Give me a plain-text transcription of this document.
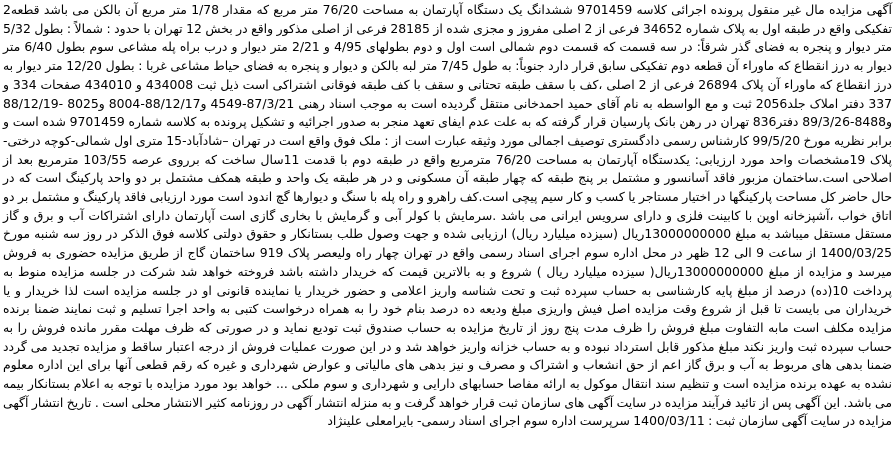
آگهی مزایده مال غیر منقول پرونده اجرائی کلاسه 9701459 ششدانگ یک دستگاه آپارتمان به مساحت 76/20 متر مربع که مقدار 1/78 متر مربع آن بالکن می باشد قطعه2 تفکیکی واقع در طبقه اول به پلاک شماره 34652 فرعی از 2 اصلی مفروز و مجزی شده از 28185 فرعی از اصلی مذکور واقع در بخش 12 تهران با حدود : شمالاً : بطول 5/32 متر دیوار و پنجره به فضای گذر شرقاً: در سه قسمت که قسمت دوم شمالی است اول و دوم بطولهای 4/95 و 2/21 متر دیوار و درب براه پله مشاعی سوم بطول 6/40 متر دیوار به درز انقطاع که ماوراء آن قطعه دوم تفکیکی سابق قرار دارد جنوباً: به طول 7/45 متر لبه بالکن و دیوار و پنجره به فضای حیاط مشاعی غربا : بطول 12/20 متر دیوار به درز انقطاع که ماوراء آن پلاک 26894 فرعی از 2 اصلی ،کف با سقف طبقه تحتانی و سقف با کف طبقه فوقانی اشتراکی است ذیل ثبت 434008 و 434010 صفحات 334 و 337 دفتر املاک جلد2056 ثبت و مع الواسطه به نام آقای حمید احمدخانی منتقل گردیده است به موجب اسناد رهنی 87/3/21-4549 و88/12/17-8004 و8025 -88/12/19 و8488-89/3/26 دفتر836 تهران در رهن بانک پارسیان قرار گرفته که به علت عدم ایفای تعهد منجر به صدور اجرائیه و تشکیل پرونده به کلاسه شماره 9701459 شده است و برابر نظریه مورخ 99/5/20 کارشناس رسمی دادگستری توصیف اجمالی مورد وثیقه عبارت است از : ملک فوق واقع است در تهران –شادآباد-15 متری اول شمالی-کوچه درختی-پلاک 19مشخصات واحد مورد ارزیابی: یکدستگاه آپارتمان به مساحت 76/20 مترمربع واقع در طبقه دوم با قدمت 11سال ساخت که برروی عرصه 103/55 مترمربع بعد از اصلاحی است.ساختمان مزبور فاقد آسانسور و مشتمل بر پنج طبقه که چهار طبقه آن مسکونی و در هر طبقه یک واحد و طبقه همکف مشتمل بر دو واحد پارکینگ است که در حال حاضر کل مساحت پارکینگها در اختیار مستاجر یا کسب و کار سیم پیچی است.کف راهرو و راه پله با سنگ و دیوارها گچ اندود است مورد ارزیابی فاقد پارکینگ و مشتمل بر دو اتاق خواب ،آشپزخانه اوپن با کابینت فلزی و دارای سرویس ایرانی می باشد .سرمایش با کولر آبی و گرمایش با بخاری گازی است آپارتمان دارای اشتراکات آب و برق و گاز مستقل مستقل میباشد به مبلغ 13000000000ریال (سیزده میلیارد ریال) ارزیابی شده و جهت وصول طلب بستانکار و حقوق دولتی کلاسه فوق الذکر در روز سه شنبه مورخ 1400/03/25 از ساعت 9 الی 12 ظهر در محل اداره سوم اجرای اسناد رسمی واقع در تهران چهار راه ولیعصر پلاک 919 ساختمان گاج از طریق مزایده حضوری به فروش میرسد و مزایده از مبلغ 13000000000ریال( سیزده میلیارد ریال ) شروع و به بالاترین قیمت که خریدار داشته باشد فروخته خواهد شد شرکت در جلسه مزایده منوط به پرداخت 10(ده) درصد از مبلغ پایه کارشناسی به حساب سپرده ثبت و تحت شناسه واریز اعلامی و حضور خریدار یا نماینده قانونی او در جلسه مزایده است لذا خریدار و یا خریداران می بایست تا قبل از شروع وقت مزایده اصل فیش واریزی مبلغ ودیعه ده درصد بنام خود را به همراه درخواست کتبی به واحد اجرا تسلیم و ثبت نمایند ضمنا برنده مزایده مکلف است مابه التفاوت مبلغ فروش را ظرف مدت پنج روز از تاریخ مزایده به حساب صندوق ثبت تودیع نماید و در صورتی که ظرف مهلت مقرر مانده فروش را به حساب سپرده ثبت واریز نکند مبلغ مذکور قابل استرداد نبوده و به حساب خزانه واریز خواهد شد و در این صورت عملیات فروش از درجه اعتبار ساقط و مزایده تجدید می گردد ضمنا بدهی های مربوط به آب و برق گاز اعم از حق انشعاب و اشتراک و مصرف و نیز بدهی های مالیاتی و عوارض شهرداری و غیره که رقم قطعی آنها برای این اداره معلوم نشده به عهده برنده مزایده است و تنظیم سند انتقال موکول به ارائه مفاصا حسابهای دارایی و شهرداری و سوم ملکی ... خواهد بود مورد مزایده با توجه به اعلام بستانکار بیمه می باشد. این آگهی پس از تائید فرآیند مزایده در سایت آگهی های سازمان ثبت قرار خواهد گرفت و به منزله انتشار آگهی در روزنامه کثیر الانتشار محلی است . تاریخ انتشار آگهی مزایده در سایت آگهی سازمان ثبت : 1400/03/11 سرپرست اداره سوم اجرای اسناد رسمی- بایرامعلی علینژاد
